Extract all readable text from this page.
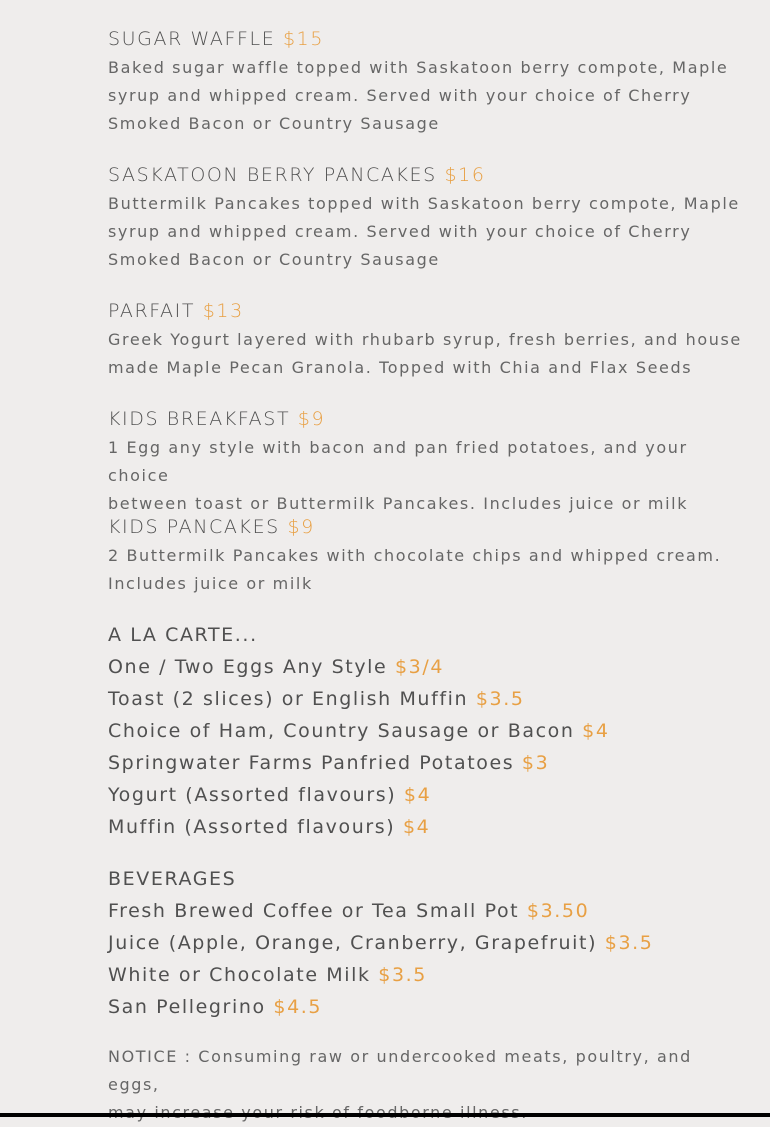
SUGAR WAFFLE $15
Baked sugar waffle topped with Saskatoon berry compote, Maple
syrup and whipped cream. Served with your choice of Cherry
Smoked Bacon or Country Sausage
SASKATOON BERRY PANCAKES $16
Buttermilk Pancakes topped with Saskatoon berry compote, Maple
syrup and whipped cream. Served with your choice of Cherry
Smoked Bacon or Country Sausage
PARFAIT $13
Greek Yogurt layered with rhubarb syrup, fresh berries, and house
made Maple Pecan Granola. Topped with Chia and Flax Seeds
KIDS BREAKFAST $9
1 Egg any style with bacon and pan fried potatoes, and your choice
between toast or Buttermilk Pancakes. Includes juice or milk
KIDS PANCAKES $9
2 Buttermilk Pancakes with chocolate chips and whipped cream.
Includes juice or milk
A LA CARTE...
One / Two Eggs Any Style $3/4
Toast (2 slices) or English Muffin $3.5
Choice of Ham, Country Sausage or Bacon $4
Springwater Farms Panfried Potatoes $3
Yogurt (Assorted flavours) $4
Muffin (Assorted flavours) $4
BEVERAGES
Fresh Brewed Coffee or Tea Small Pot $3.50
Juice (Apple, Orange, Cranberry, Grapefruit) $3.5
White or Chocolate Milk $3.5
San Pellegrino $4.5
NOTICE : Consuming raw or undercooked meats, poultry, and eggs,
